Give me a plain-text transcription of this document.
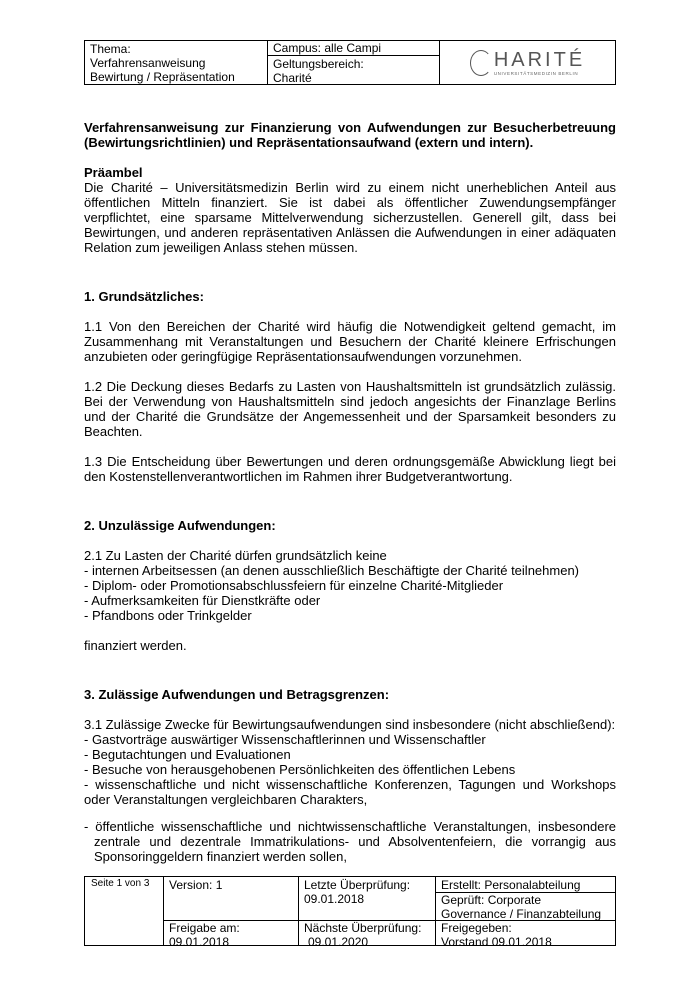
Thema:
Verfahrensanweisung
Bewirtung / Repräsentation
Campus: alle Campi
Geltungsbereich:
Charité
HARITÉ
UNIVERSITÄTSMEDIZIN BERLIN

Verfahrensanweisung zur Finanzierung von Aufwendungen zur Besucherbetreuung (Bewirtungsrichtlinien) und Repräsentationsaufwand (extern und intern).

Präambel

Die Charité – Universitätsmedizin Berlin wird zu einem nicht unerheblichen Anteil aus öffentlichen Mitteln finanziert. Sie ist dabei als öffentlicher Zuwendungsempfänger verpflichtet, eine sparsame Mittelverwendung sicherzustellen. Generell gilt, dass bei Bewirtungen, und anderen repräsentativen Anlässen die Aufwendungen in einer adäquaten Relation zum jeweiligen Anlass stehen müssen.

1. Grundsätzliches:

1.1 Von den Bereichen der Charité wird häufig die Notwendigkeit geltend gemacht, im Zusammenhang mit Veranstaltungen und Besuchern der Charité kleinere Erfrischungen anzubieten oder geringfügige Repräsentationsaufwendungen vorzunehmen.

1.2 Die Deckung dieses Bedarfs zu Lasten von Haushaltsmitteln ist grundsätzlich zulässig. Bei der Verwendung von Haushaltsmitteln sind jedoch angesichts der Finanzlage Berlins und der Charité die Grundsätze der Angemessenheit und der Sparsamkeit besonders zu Beachten.

1.3 Die Entscheidung über Bewertungen und deren ordnungsgemäße Abwicklung liegt bei den Kostenstellenverantwortlichen im Rahmen ihrer Budgetverantwortung.

2. Unzulässige Aufwendungen:

2.1 Zu Lasten der Charité dürfen grundsätzlich keine

- internen Arbeitsessen (an denen ausschließlich Beschäftigte der Charité teilnehmen)

- Diplom- oder Promotionsabschlussfeiern für einzelne Charité-Mitglieder

- Aufmerksamkeiten für Dienstkräfte oder

- Pfandbons oder Trinkgelder

finanziert werden.

3. Zulässige Aufwendungen und Betragsgrenzen:

3.1 Zulässige Zwecke für Bewirtungsaufwendungen sind insbesondere (nicht abschließend):

- Gastvorträge auswärtiger Wissenschaftlerinnen und Wissenschaftler

- Begutachtungen und Evaluationen

- Besuche von herausgehobenen Persönlichkeiten des öffentlichen Lebens

- wissenschaftliche und nicht wissenschaftliche Konferenzen, Tagungen und Workshops oder Veranstaltungen vergleichbaren Charakters,

- öffentliche wissenschaftliche und nichtwissenschaftliche Veranstaltungen, insbesondere zentrale und dezentrale Immatrikulations- und Absolventenfeiern, die vorrangig aus Sponsoringgeldern finanziert werden sollen,

Seite 1 von 3	Version: 1	Letzte Überprüfung:
09.01.2018
Erstellt: Personalabteilung
Geprüft: Corporate Governance / Finanzabteilung
Freigabe am:
09.01.2018
Nächste Überprüfung:
09.01.2020
Freigegeben:
Vorstand 09.01.2018
